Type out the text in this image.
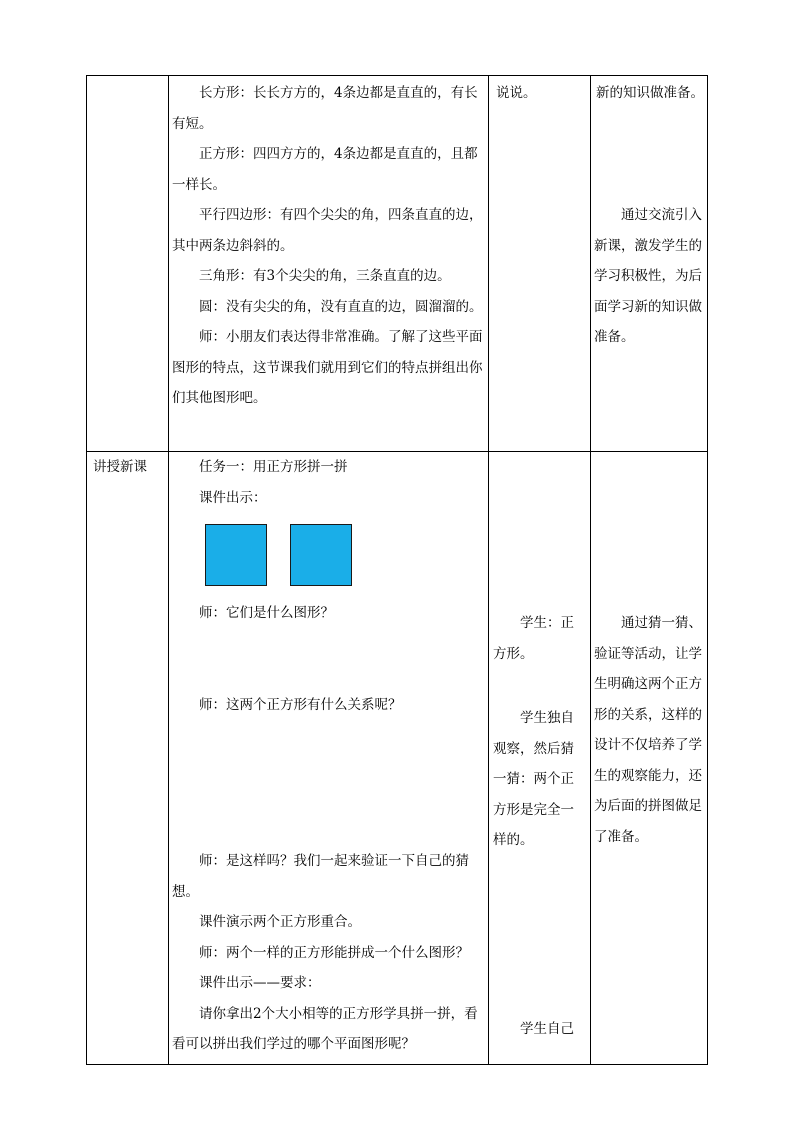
长方形：长长方方的，4条边都是直直的，有长有短。

正方形：四四方方的，4条边都是直直的，且都一样长。

平行四边形：有四个尖尖的角，四条直直的边，其中两条边斜斜的。

三角形：有3个尖尖的角，三条直直的边。

圆：没有尖尖的角，没有直直的边，圆溜溜的。

师：小朋友们表达得非常准确。了解了这些平面图形的特点，这节课我们就用到它们的特点拼组出你们其他图形吧。

说说。	新的知识做准备。

通过交流引入新课，激发学生的学习积极性，为后面学习新的知识做准备。

讲授新课	任务一：用正方形拼一拼

课件出示：

师：它们是什么图形？

师：这两个正方形有什么关系呢？

师：是这样吗？我们一起来验证一下自己的猜想。

课件演示两个正方形重合。

师：两个一样的正方形能拼成一个什么图形？

课件出示——要求：

请你拿出2个大小相等的正方形学具拼一拼，看看可以拼出我们学过的哪个平面图形呢？

学生：正方形。

学生独自观察，然后猜一猜：两个正方形是完全一样的。

学生自己

通过猜一猜、验证等活动，让学生明确这两个正方形的关系，这样的设计不仅培养了学生的观察能力，还为后面的拼图做足了准备。
